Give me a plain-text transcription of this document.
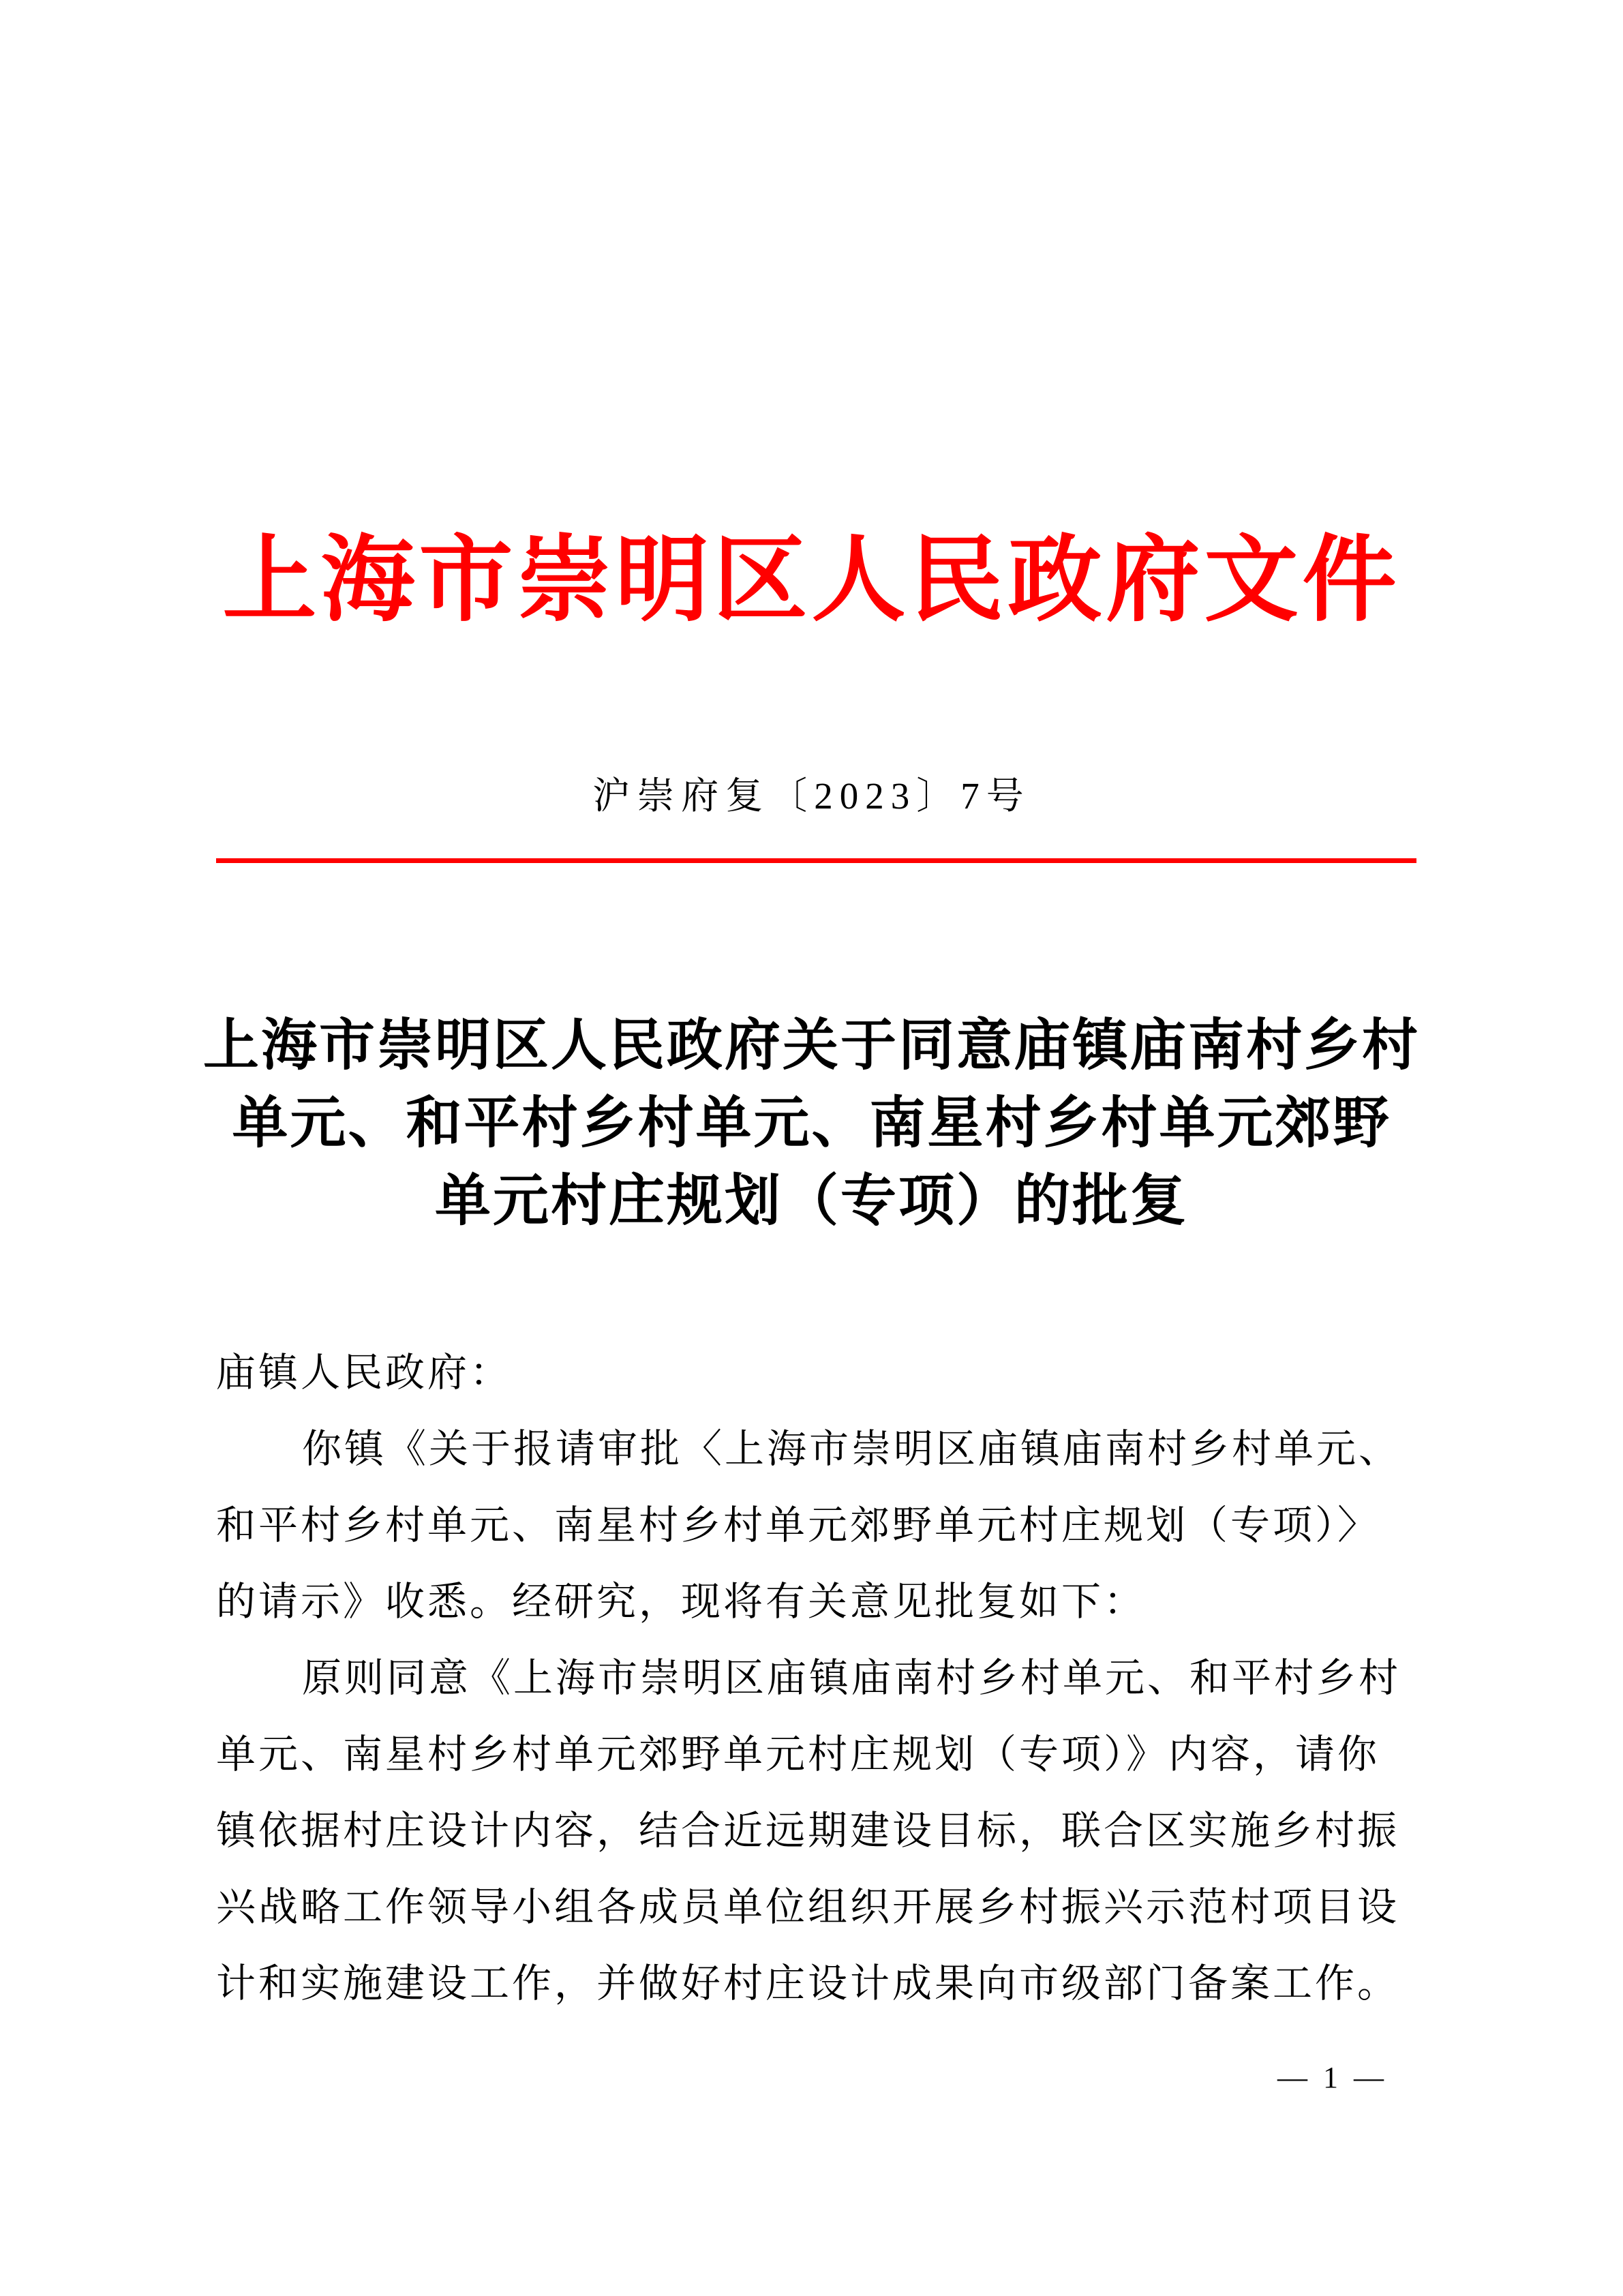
上海市崇明区人民政府文件
沪崇府复〔2023〕7号
上海市崇明区人民政府关于同意庙镇庙南村乡村
单元、和平村乡村单元、南星村乡村单元郊野
单元村庄规划（专项）的批复
庙镇人民政府：
你镇《关于报请审批〈上海市崇明区庙镇庙南村乡村单元、
和平村乡村单元、南星村乡村单元郊野单元村庄规划（专项）〉
的请示》收悉。经研究，现将有关意见批复如下：
原则同意《上海市崇明区庙镇庙南村乡村单元、和平村乡村
单元、南星村乡村单元郊野单元村庄规划（专项）》内容，请你
镇依据村庄设计内容，结合近远期建设目标，联合区实施乡村振
兴战略工作领导小组各成员单位组织开展乡村振兴示范村项目设
计和实施建设工作，并做好村庄设计成果向市级部门备案工作。
— 1 —
